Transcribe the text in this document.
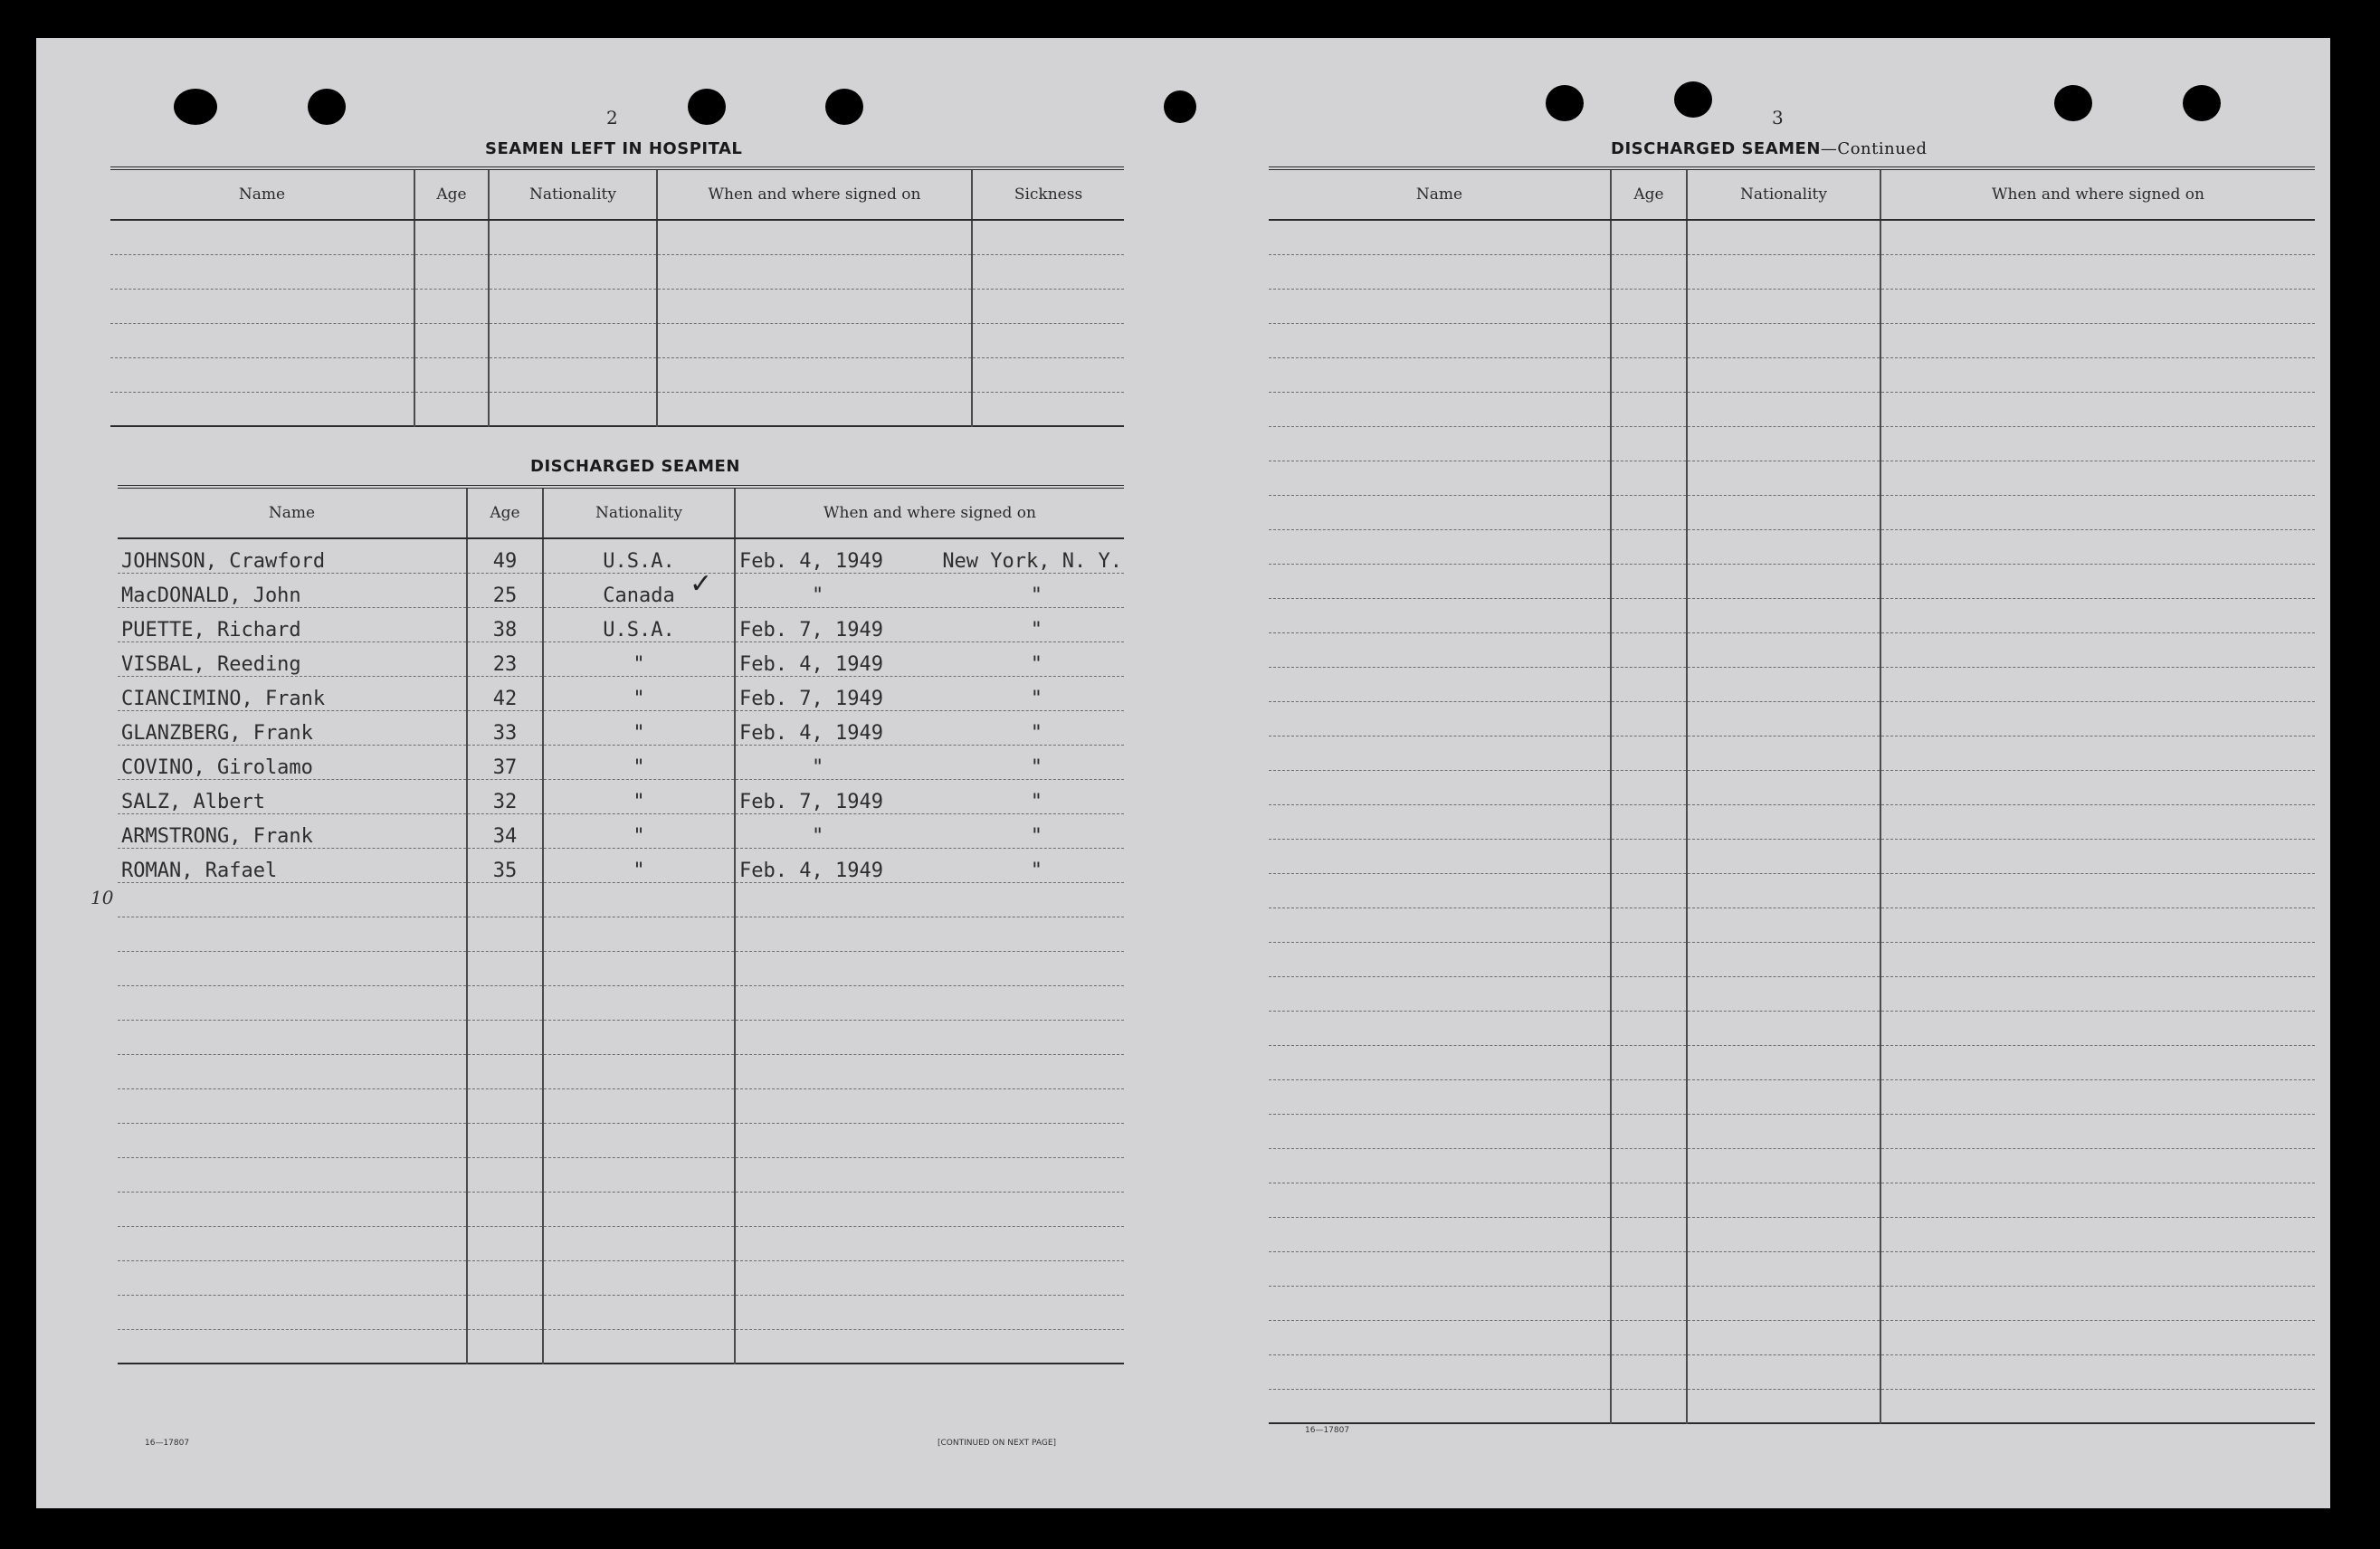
2
SEAMEN LEFT IN HOSPITAL
Name	Age	Nationality	When and where signed on	Sickness

DISCHARGED SEAMEN
Name	Age	Nationality	When and where signed on
JOHNSON, Crawford	49	U.S.A.	Feb. 4, 1949 New York, N. Y.

MacDONALD, John	25	Canada	" "

PUETTE, Richard	38	U.S.A.	Feb. 7, 1949 "

VISBAL, Reeding	23	"	Feb. 4, 1949 "

CIANCIMINO, Frank	42	"	Feb. 7, 1949 "

GLANZBERG, Frank	33	"	Feb. 4, 1949 "

COVINO, Girolamo	37	"	" "

SALZ, Albert	32	"	Feb. 7, 1949 "

ARMSTRONG, Frank	34	"	" "

ROMAN, Rafael	35	"	Feb. 4, 1949 "

✓
10
16—17807	[CONTINUED ON NEXT PAGE]
3
DISCHARGED SEAMEN—Continued
Name	Age	Nationality	When and where signed on

16—17807
